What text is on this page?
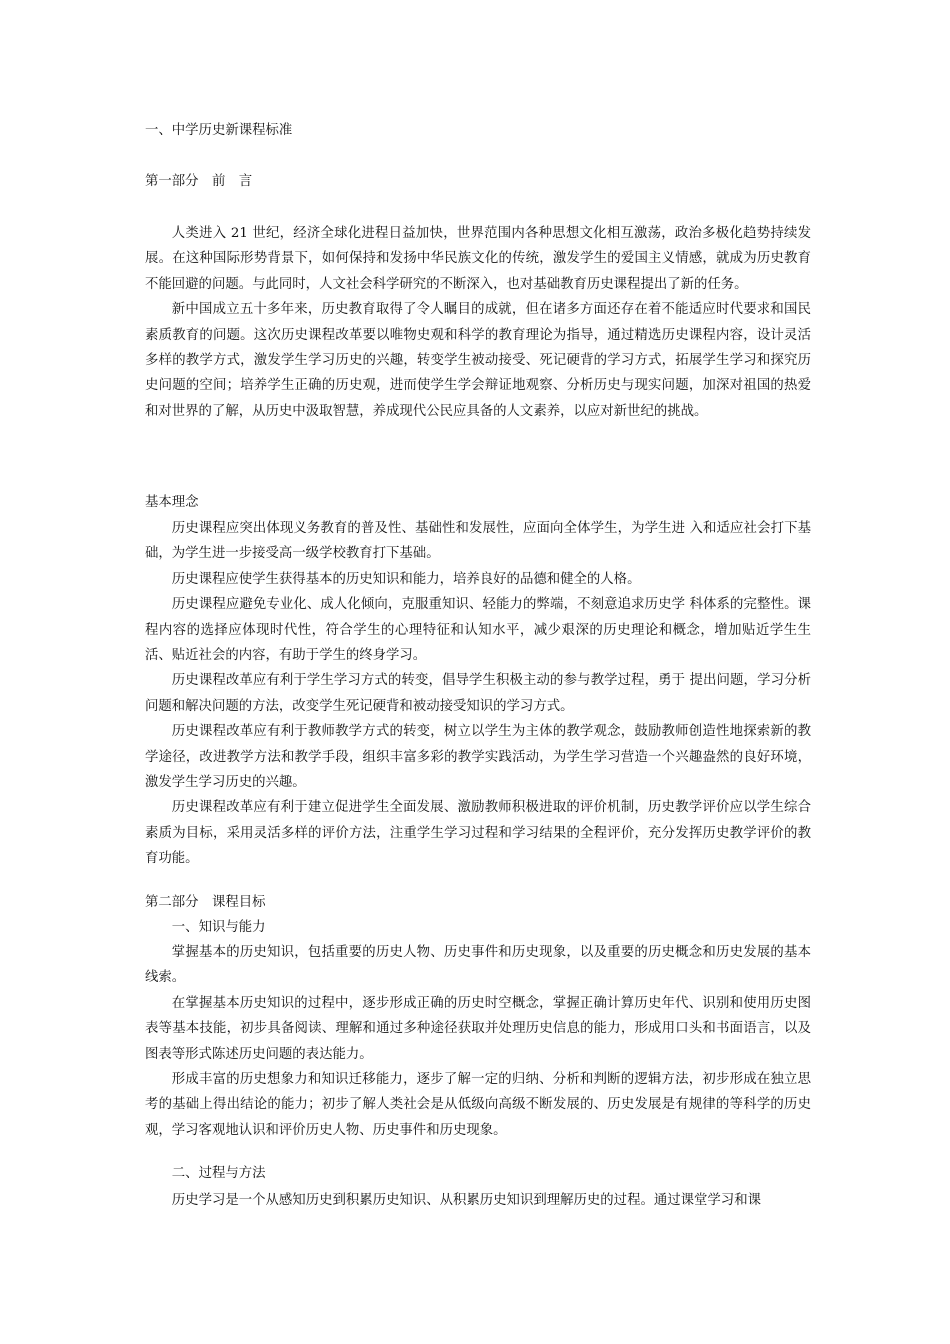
一、中学历史新课程标准
第一部分 前 言

人类进入 21 世纪，经济全球化进程日益加快，世界范围内各种思想文化相互激荡，政治多极化趋势持续发展。在这种国际形势背景下，如何保持和发扬中华民族文化的传统，激发学生的爱国主义情感，就成为历史教育不能回避的问题。与此同时，人文社会科学研究的不断深入，也对基础教育历史课程提出了新的任务。

新中国成立五十多年来，历史教育取得了令人瞩目的成就，但在诸多方面还存在着不能适应时代要求和国民素质教育的问题。这次历史课程改革要以唯物史观和科学的教育理论为指导，通过精选历史课程内容，设计灵活多样的教学方式，激发学生学习历史的兴趣，转变学生被动接受、死记硬背的学习方式，拓展学生学习和探究历史问题的空间；培养学生正确的历史观，进而使学生学会辩证地观察、分析历史与现实问题，加深对祖国的热爱和对世界的了解，从历史中汲取智慧，养成现代公民应具备的人文素养，以应对新世纪的挑战。

基本理念

历史课程应突出体现义务教育的普及性、基础性和发展性，应面向全体学生，为学生进 入和适应社会打下基础，为学生进一步接受高一级学校教育打下基础。

历史课程应使学生获得基本的历史知识和能力，培养良好的品德和健全的人格。

历史课程应避免专业化、成人化倾向，克服重知识、轻能力的弊端，不刻意追求历史学 科体系的完整性。课程内容的选择应体现时代性，符合学生的心理特征和认知水平，减少艰深的历史理论和概念，增加贴近学生生活、贴近社会的内容，有助于学生的终身学习。

历史课程改革应有利于学生学习方式的转变，倡导学生积极主动的参与教学过程，勇于 提出问题，学习分析问题和解决问题的方法，改变学生死记硬背和被动接受知识的学习方式。

历史课程改革应有利于教师教学方式的转变，树立以学生为主体的教学观念，鼓励教师创造性地探索新的教学途径，改进教学方法和教学手段，组织丰富多彩的教学实践活动，为学生学习营造一个兴趣盎然的良好环境，激发学生学习历史的兴趣。

历史课程改革应有利于建立促进学生全面发展、激励教师积极进取的评价机制，历史教学评价应以学生综合素质为目标，采用灵活多样的评价方法，注重学生学习过程和学习结果的全程评价，充分发挥历史教学评价的教育功能。

第二部分 课程目标
一、知识与能力

掌握基本的历史知识，包括重要的历史人物、历史事件和历史现象，以及重要的历史概念和历史发展的基本线索。

在掌握基本历史知识的过程中，逐步形成正确的历史时空概念，掌握正确计算历史年代、识别和使用历史图表等基本技能，初步具备阅读、理解和通过多种途径获取并处理历史信息的能力，形成用口头和书面语言，以及图表等形式陈述历史问题的表达能力。

形成丰富的历史想象力和知识迁移能力，逐步了解一定的归纳、分析和判断的逻辑方法，初步形成在独立思考的基础上得出结论的能力；初步了解人类社会是从低级向高级不断发展的、历史发展是有规律的等科学的历史观，学习客观地认识和评价历史人物、历史事件和历史现象。

二、过程与方法

历史学习是一个从感知历史到积累历史知识、从积累历史知识到理解历史的过程。通过课堂学习和课
